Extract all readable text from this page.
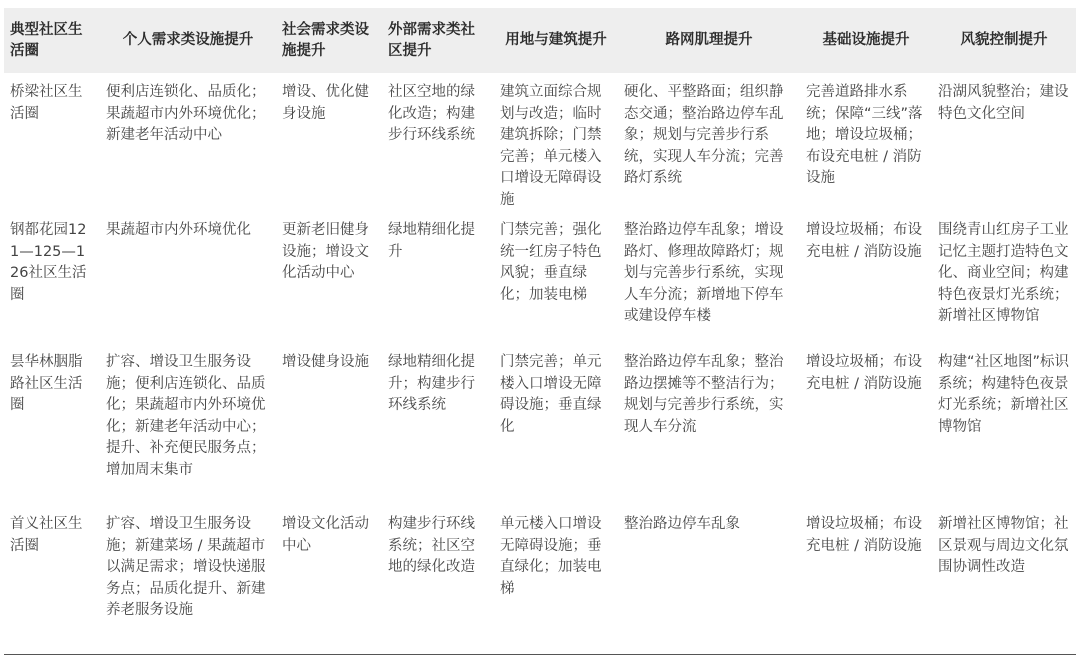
典型社区生活圈	个人需求类设施提升	社会需求类设施提升	外部需求类社区提升	用地与建筑提升	路网肌理提升	基础设施提升	风貌控制提升
桥梁社区生活圈	便利店连锁化、品质化；果蔬超市内外环境优化；新建老年活动中心	增设、优化健身设施	社区空地的绿化改造；构建步行环线系统	建筑立面综合规划与改造；临时建筑拆除；门禁完善；单元楼入口增设无障碍设施	硬化、平整路面；组织静态交通；整治路边停车乱象；规划与完善步行系统，实现人车分流；完善路灯系统	完善道路排水系统；保障“三线”落地；增设垃圾桶；布设充电桩 / 消防设施	沿湖风貌整治；建设特色文化空间
钢都花园121—125—126社区生活圈	果蔬超市内外环境优化	更新老旧健身设施；增设文化活动中心	绿地精细化提升	门禁完善；强化统一红房子特色风貌；垂直绿化；加装电梯	整治路边停车乱象；增设路灯、修理故障路灯；规划与完善步行系统，实现人车分流；新增地下停车或建设停车楼	增设垃圾桶；布设充电桩 / 消防设施	围绕青山红房子工业记忆主题打造特色文化、商业空间；构建特色夜景灯光系统；新增社区博物馆
昙华林胭脂路社区生活圈	扩容、增设卫生服务设施；便利店连锁化、品质化；果蔬超市内外环境优化；新建老年活动中心；提升、补充便民服务点；增加周末集市	增设健身设施	绿地精细化提升；构建步行环线系统	门禁完善；单元楼入口增设无障碍设施；垂直绿化	整治路边停车乱象；整治路边摆摊等不整洁行为；规划与完善步行系统，实现人车分流	增设垃圾桶；布设充电桩 / 消防设施	构建“社区地图”标识系统；构建特色夜景灯光系统；新增社区博物馆
首义社区生活圈	扩容、增设卫生服务设施；新建菜场 / 果蔬超市以满足需求；增设快递服务点；品质化提升、新建养老服务设施	增设文化活动中心	构建步行环线系统；社区空地的绿化改造	单元楼入口增设无障碍设施；垂直绿化；加装电梯	整治路边停车乱象	增设垃圾桶；布设充电桩 / 消防设施	新增社区博物馆；社区景观与周边文化氛围协调性改造
